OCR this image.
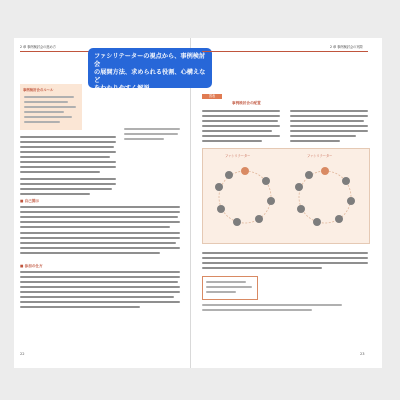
2 章 事例検討会の進め方
事例検討会のルール
■ 自己開示
■ 参加の仕方
22
ファシリテーターの視点から、事例検討会
の展開方法、求められる役割、心構えなど
をわかりやすく解説
2 章 事例検討会の実際
図表
事例検討会の配置
ファシリテーター	ファシリテーター
23
